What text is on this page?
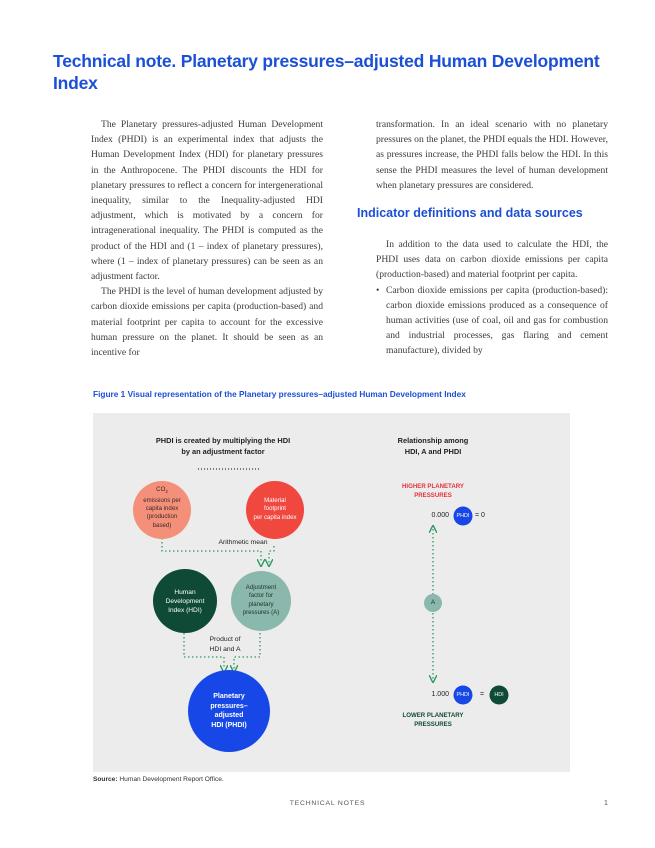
Technical note. Planetary pressures–adjusted Human Development Index

The Planetary pressures-adjusted Human Development Index (PHDI) is an experimental index that adjusts the Human Development Index (HDI) for planetary pressures in the Anthropocene. The PHDI discounts the HDI for planetary pressures to reflect a concern for intergenerational inequality, similar to the Inequality-adjusted HDI adjustment, which is motivated by a concern for intragenerational inequality. The PHDI is computed as the product of the HDI and (1 – index of planetary pressures), where (1 – index of planetary pressures) can be seen as an adjustment factor.

The PHDI is the level of human development adjusted by carbon dioxide emissions per capita (production-based) and material footprint per capita to account for the excessive human pressure on the planet. It should be seen as an incentive for

transformation. In an ideal scenario with no planetary pressures on the planet, the PHDI equals the HDI. However, as pressures increase, the PHDI falls below the HDI. In this sense the PHDI measures the level of human development when planetary pressures are considered.

Indicator definitions and data sources

In addition to the data used to calculate the HDI, the PHDI uses data on carbon dioxide emissions per capita (production-based) and material footprint per capita.

• Carbon dioxide emissions per capita (production-based): carbon dioxide emissions produced as a consequence of human activities (use of coal, oil and gas for combustion and industrial processes, gas flaring and cement manufacture), divided by

Figure 1 Visual representation of the Planetary pressures–adjusted Human Development Index
PHDI is created by multiplying the HDI
by an adjustment factor
$CO_2$
emissions per
capita index
(production
based)
Material
footprint
per capita index
Arithmetic mean
Human
Development
Index (HDI)
Adjustment
factor for
planetary
pressures (A)
Product of
HDI and A
Planetary
pressures–
adjusted
HDI (PHDI)
Relationship among
HDI, A and PHDI
HIGHER PLANETARY
PRESSURES
0.000	PHDI = 0
A
1.000	PHDI	=	HDI
LOWER PLANETARY
PRESSURES
Source: Human Development Report Office.
TECHNICAL NOTES	1
